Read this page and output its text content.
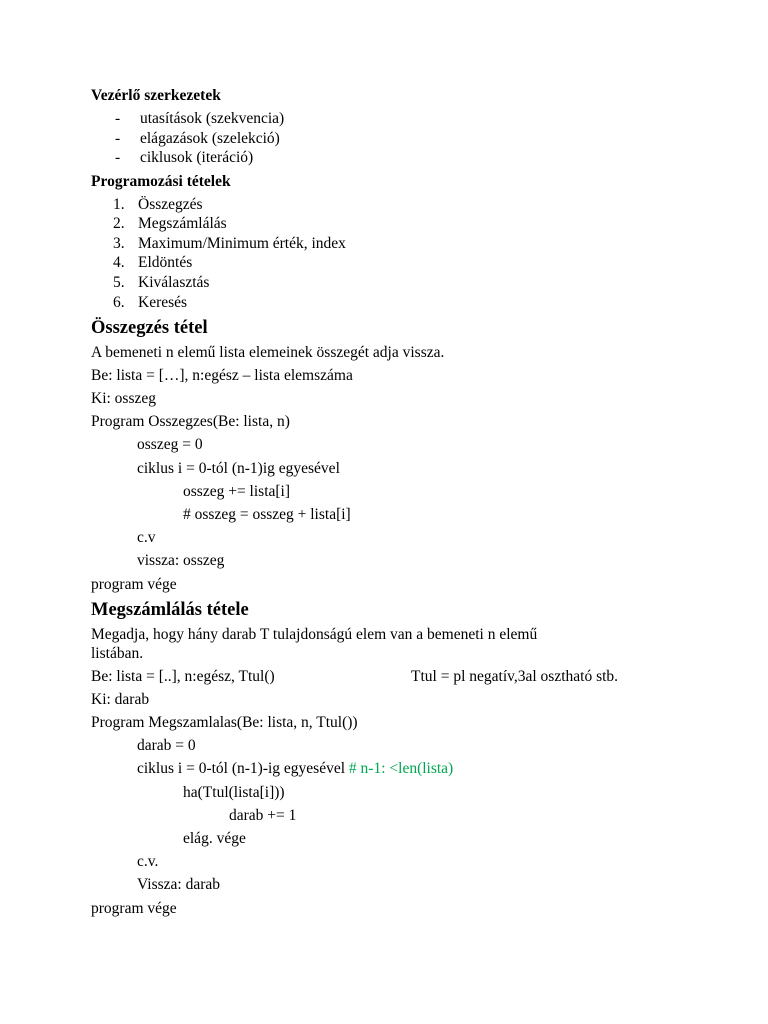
Vezérlő szerkezetek
- utasítások (szekvencia)
- elágazások (szelekció)
- ciklusok (iteráció)
Programozási tételek
1. Összegzés
2. Megszámlálás
3. Maximum/Minimum érték, index
4. Eldöntés
5. Kiválasztás
6. Keresés
Összegzés tétel
A bemeneti n elemű lista elemeinek összegét adja vissza.
Be: lista = […], n:egész – lista elemszáma
Ki: osszeg
Program Osszegzes(Be: lista, n)
osszeg = 0
ciklus i = 0-tól (n-1)ig egyesével
osszeg += lista[i]
# osszeg = osszeg + lista[i]
c.v
vissza: osszeg
program vége
Megszámlálás tétele
Megadja, hogy hány darab T tulajdonságú elem van a bemeneti n elemű
listában.
Be: lista = [..], n:egész, Ttul()	Ttul = pl negatív,3al osztható stb.
Ki: darab
Program Megszamlalas(Be: lista, n, Ttul())
darab = 0
ciklus i = 0-tól (n-1)-ig egyesével # n-1: <len(lista)
ha(Ttul(lista[i]))
darab += 1
elág. vége
c.v.
Vissza: darab
program vége
